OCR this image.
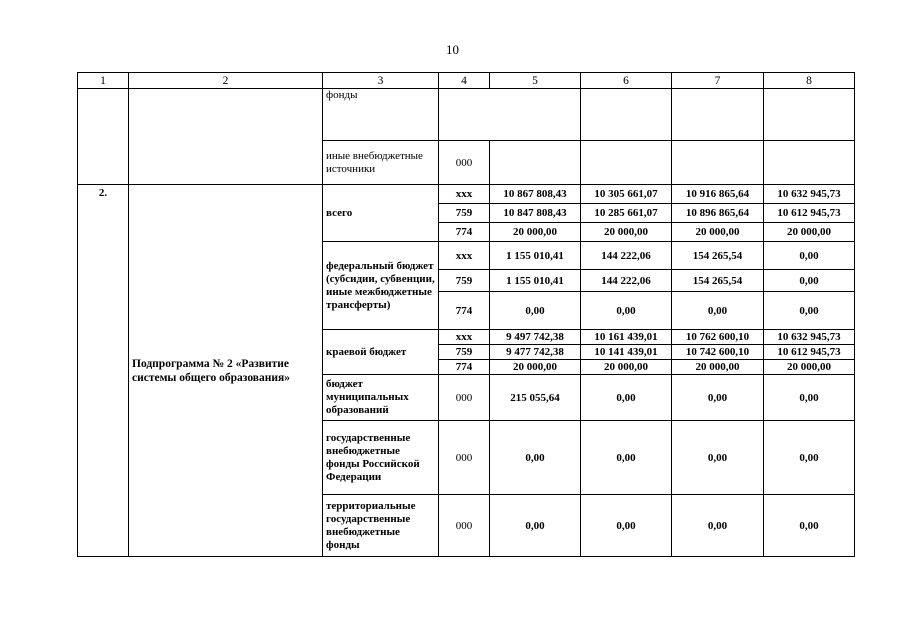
10
1	2	3	4	5	6	7	8
		фонды					
		иные внебюджетные источники	000				
2.	Подпрограмма № 2 «Развитие системы общего образования»	всего	ххх	10 867 808,43	10 305 661,07	10 916 865,64	10 632 945,73
			759	10 847 808,43	10 285 661,07	10 896 865,64	10 612 945,73
			774	20 000,00	20 000,00	20 000,00	20 000,00
		федеральный бюджет (субсидии, субвенции, иные межбюджетные трансферты)	ххх	1 155 010,41	144 222,06	154 265,54	0,00
			759	1 155 010,41	144 222,06	154 265,54	0,00
			774	0,00	0,00	0,00	0,00
		краевой бюджет	ххх	9 497 742,38	10 161 439,01	10 762 600,10	10 632 945,73
			759	9 477 742,38	10 141 439,01	10 742 600,10	10 612 945,73
			774	20 000,00	20 000,00	20 000,00	20 000,00
		бюджет муниципальных образований	000	215 055,64	0,00	0,00	0,00
		государственные внебюджетные фонды Российской Федерации	000	0,00	0,00	0,00	0,00
		территориальные государственные внебюджетные фонды	000	0,00	0,00	0,00	0,00
